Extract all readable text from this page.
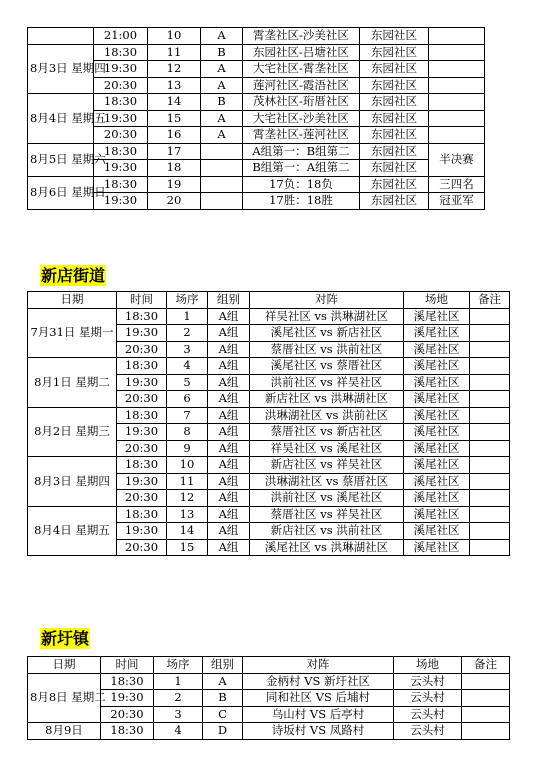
	21:00	10	A	霄垄社区-沙美社区	东园社区	
8月3日 星期四	18:30	11	B	东园社区-吕塘社区	东园社区	
	19:30	12	A	大宅社区-霄垄社区	东园社区	
	20:30	13	A	莲河社区-霞浯社区	东园社区	
8月4日 星期五	18:30	14	B	茂林社区-珩厝社区	东园社区	
	19:30	15	A	大宅社区-沙美社区	东园社区	
	20:30	16	A	霄垄社区-莲河社区	东园社区	
8月5日 星期六	18:30	17		A组第一：B组第二	东园社区	半决赛
	19:30	18		B组第一：A组第二	东园社区	
8月6日 星期日	18:30	19		17负：18负	东园社区	三四名
	19:30	20		17胜：18胜	东园社区	冠亚军
新店街道
日期	时间	场序	组别	对阵	场地	备注
7月31日 星期一	18:30	1	A组	祥吴社区 vs 洪琳湖社区	溪尾社区	
	19:30	2	A组	溪尾社区 vs 新店社区	溪尾社区	
	20:30	3	A组	蔡厝社区 vs 洪前社区	溪尾社区	
8月1日 星期二	18:30	4	A组	溪尾社区 vs 蔡厝社区	溪尾社区	
	19:30	5	A组	洪前社区 vs 祥吴社区	溪尾社区	
	20:30	6	A组	新店社区 vs 洪琳湖社区	溪尾社区	
8月2日 星期三	18:30	7	A组	洪琳湖社区 vs 洪前社区	溪尾社区	
	19:30	8	A组	蔡厝社区 vs 新店社区	溪尾社区	
	20:30	9	A组	祥吴社区 vs 溪尾社区	溪尾社区	
8月3日 星期四	18:30	10	A组	新店社区 vs 祥吴社区	溪尾社区	
	19:30	11	A组	洪琳湖社区 vs 蔡厝社区	溪尾社区	
	20:30	12	A组	洪前社区 vs 溪尾社区	溪尾社区	
8月4日 星期五	18:30	13	A组	蔡厝社区 vs 祥吴社区	溪尾社区	
	19:30	14	A组	新店社区 vs 洪前社区	溪尾社区	
	20:30	15	A组	溪尾社区 vs 洪琳湖社区	溪尾社区	
新圩镇
日期	时间	场序	组别	对阵	场地	备注
8月8日 星期二	18:30	1	A	金柄村 VS 新圩社区	云头村	
	19:30	2	B	同和社区 VS 后埔村	云头村	
	20:30	3	C	乌山村 VS 后亭村	云头村	
8月9日	18:30	4	D	诗坂村 VS 凤路村	云头村	
